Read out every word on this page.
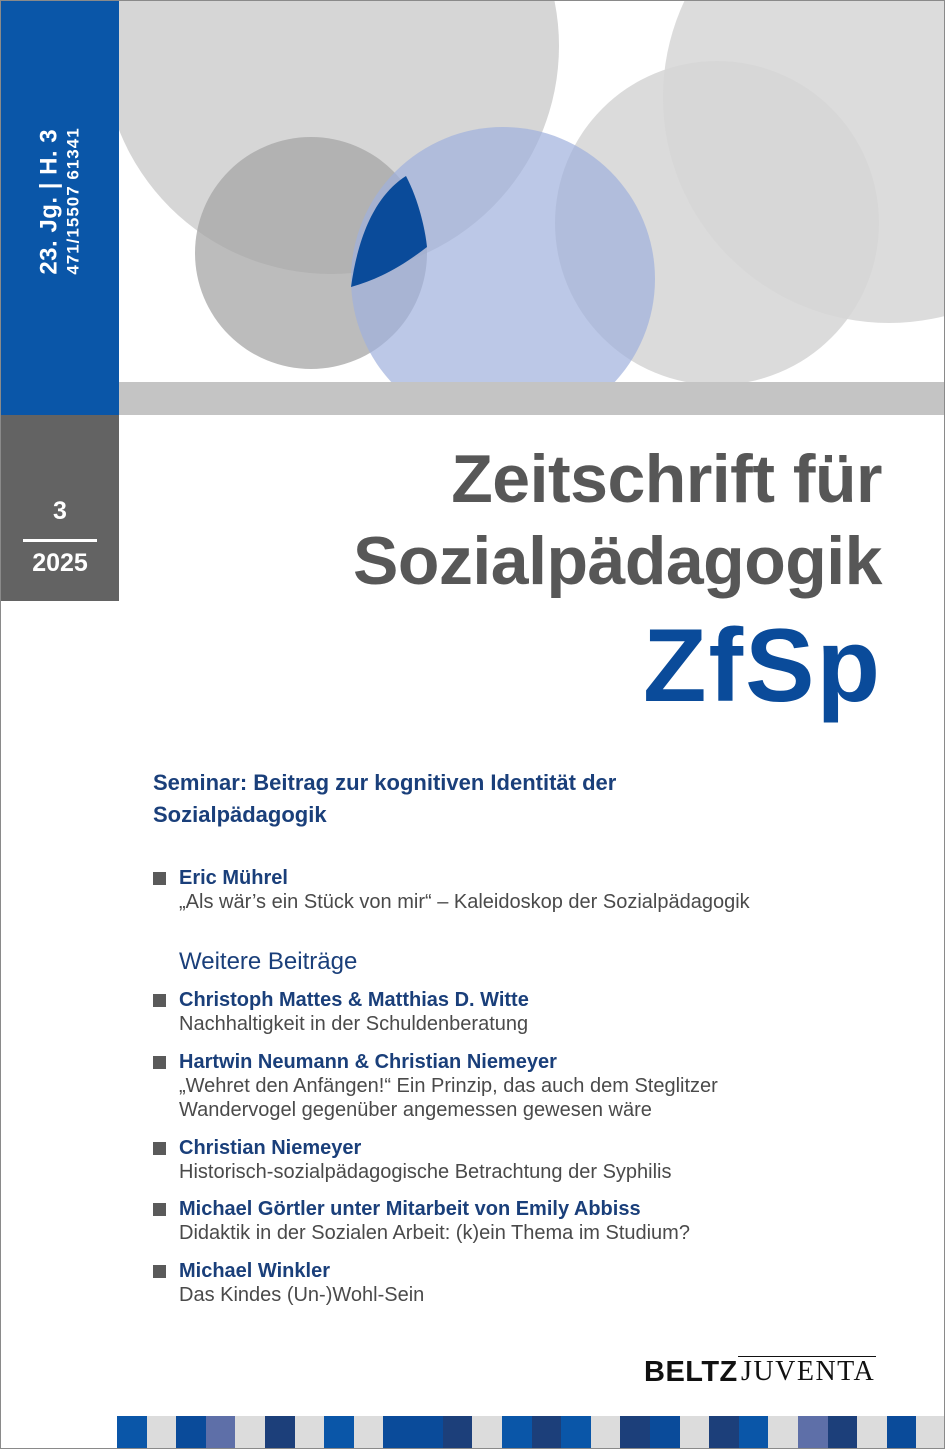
23. Jg. | H. 3 471/15507 61341
3
2025
Zeitschrift für
Sozialpädagogik
ZfSp
Seminar: Beitrag zur kognitiven Identität der Sozialpädagogik
Eric Mührel
„Als wär’s ein Stück von mir“ – Kaleidoskop der Sozialpädagogik
Weitere Beiträge
Christoph Mattes & Matthias D. Witte
Nachhaltigkeit in der Schuldenberatung
Hartwin Neumann & Christian Niemeyer
„Wehret den Anfängen!“ Ein Prinzip, das auch dem Steglitzer
Wandervogel gegenüber angemessen gewesen wäre
Christian Niemeyer
Historisch-sozialpädagogische Betrachtung der Syphilis
Michael Görtler unter Mitarbeit von Emily Abbiss
Didaktik in der Sozialen Arbeit: (k)ein Thema im Studium?
Michael Winkler
Das Kindes (Un-)Wohl-Sein
BELTZ JUVENTA
